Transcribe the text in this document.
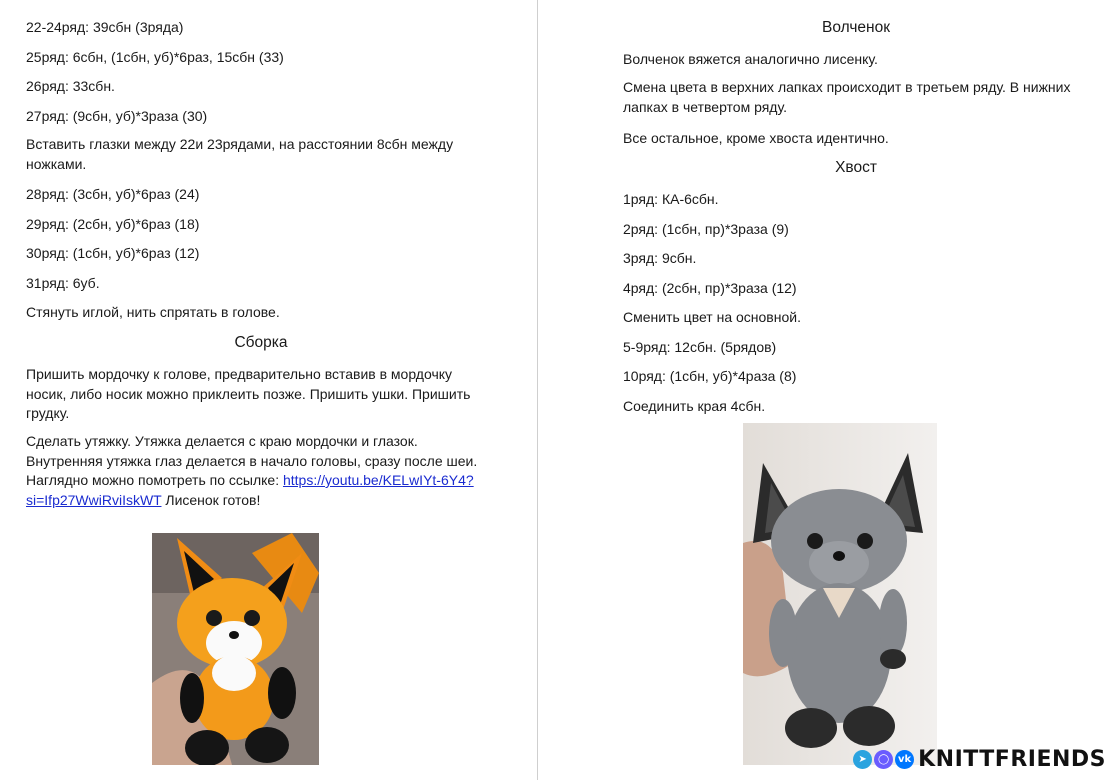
22-24ряд: 39сбн (3ряда)
25ряд: 6сбн, (1сбн, уб)*6раз, 15сбн (33)
26ряд: 33сбн.
27ряд: (9сбн, уб)*3раза (30)
Вставить глазки между 22и 23рядами, на расстоянии 8сбн между ножками.
28ряд: (3сбн, уб)*6раз (24)
29ряд: (2сбн, уб)*6раз (18)
30ряд: (1сбн, уб)*6раз (12)
31ряд: 6уб.
Стянуть иглой, нить спрятать в голове.
Сборка
Пришить мордочку к голове, предварительно вставив в мордочку носик, либо носик можно приклеить позже. Пришить ушки. Пришить грудку.
Сделать утяжку. Утяжка делается с краю мордочки и глазок. Внутренняя утяжка глаз делается в начало головы, сразу после шеи. Наглядно можно помотреть по ссылке: https://youtu.be/KELwIYt-6Y4?si=Ifp27WwiRviIskWT Лисенок готов!
Волченок
Волченок вяжется аналогично лисенку.
Смена цвета в верхних лапках происходит в третьем ряду. В нижних лапках в четвертом ряду.
Все остальное, кроме хвоста идентично.
Хвост
1ряд: КА-6сбн.
2ряд: (1сбн, пр)*3раза (9)
3ряд: 9сбн.
4ряд: (2сбн, пр)*3раза (12)
Сменить цвет на основной.
5-9ряд: 12сбн. (5рядов)
10ряд: (1сбн, уб)*4раза (8)
Соединить края 4сбн.
➤	◯ vk KNITTFRIENDS
